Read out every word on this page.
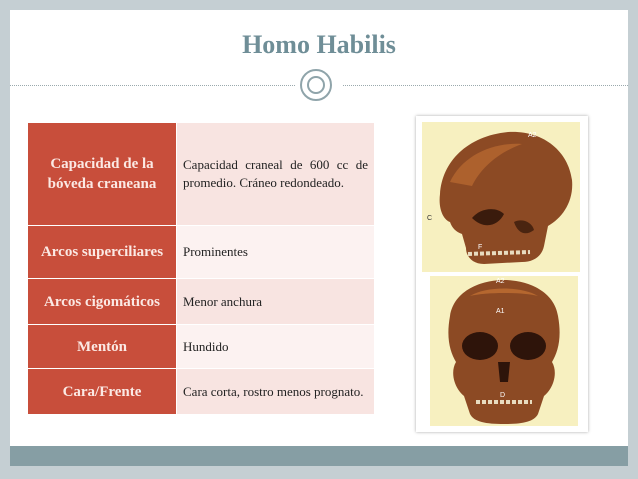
Homo Habilis
Capacidad de la bóveda craneana	Capacidad craneal de 600 cc de promedio. Cráneo redondeado.
Arcos superciliares	Prominentes
Arcos cigomáticos	Menor anchura
Mentón	Hundido
Cara/Frente	Cara corta, rostro menos prognato.
A2
C
F
A2
A1
D
